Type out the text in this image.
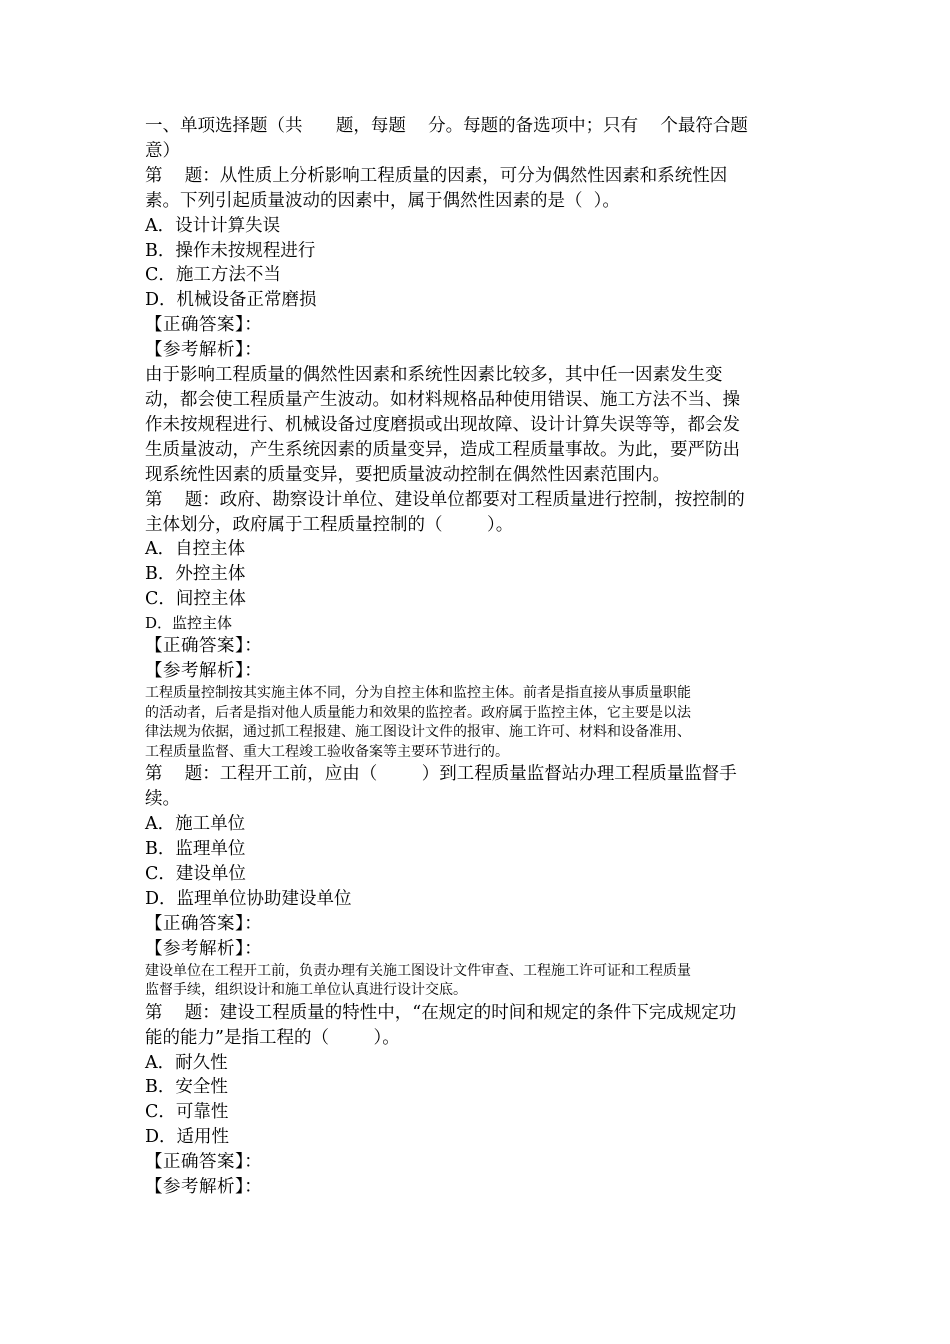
一、单项选择题（共      题，每题    分。每题的备选项中；只有    个最符合题
意）
第    题：从性质上分析影响工程质量的因素，可分为偶然性因素和系统性因
素。下列引起质量波动的因素中，属于偶然性因素的是（  ）。
A．设计计算失误
B．操作未按规程进行
C．施工方法不当
D．机械设备正常磨损
【正确答案】：
【参考解析】：
由于影响工程质量的偶然性因素和系统性因素比较多，其中任一因素发生变
动，都会使工程质量产生波动。如材料规格品种使用错误、施工方法不当、操
作未按规程进行、机械设备过度磨损或出现故障、设计计算失误等等，都会发
生质量波动，产生系统因素的质量变异，造成工程质量事故。为此，要严防出
现系统性因素的质量变异，要把质量波动控制在偶然性因素范围内。
第    题：政府、勘察设计单位、建设单位都要对工程质量进行控制，按控制的
主体划分，政府属于工程质量控制的（        ）。
A．自控主体
B．外控主体
C．间控主体
D．监控主体
【正确答案】：
【参考解析】：
工程质量控制按其实施主体不同，分为自控主体和监控主体。前者是指直接从事质量职能
的活动者，后者是指对他人质量能力和效果的监控者。政府属于监控主体，它主要是以法
律法规为依据，通过抓工程报建、施工图设计文件的报审、施工许可、材料和设备准用、
工程质量监督、重大工程竣工验收备案等主要环节进行的。
第    题：工程开工前，应由（        ）到工程质量监督站办理工程质量监督手
续。
A．施工单位
B．监理单位
C．建设单位
D．监理单位协助建设单位
【正确答案】：
【参考解析】：
建设单位在工程开工前，负责办理有关施工图设计文件审查、工程施工许可证和工程质量
监督手续，组织设计和施工单位认真进行设计交底。
第    题：建设工程质量的特性中，“在规定的时间和规定的条件下完成规定功
能的能力”是指工程的（        ）。
A．耐久性
B．安全性
C．可靠性
D．适用性
【正确答案】：
【参考解析】：
